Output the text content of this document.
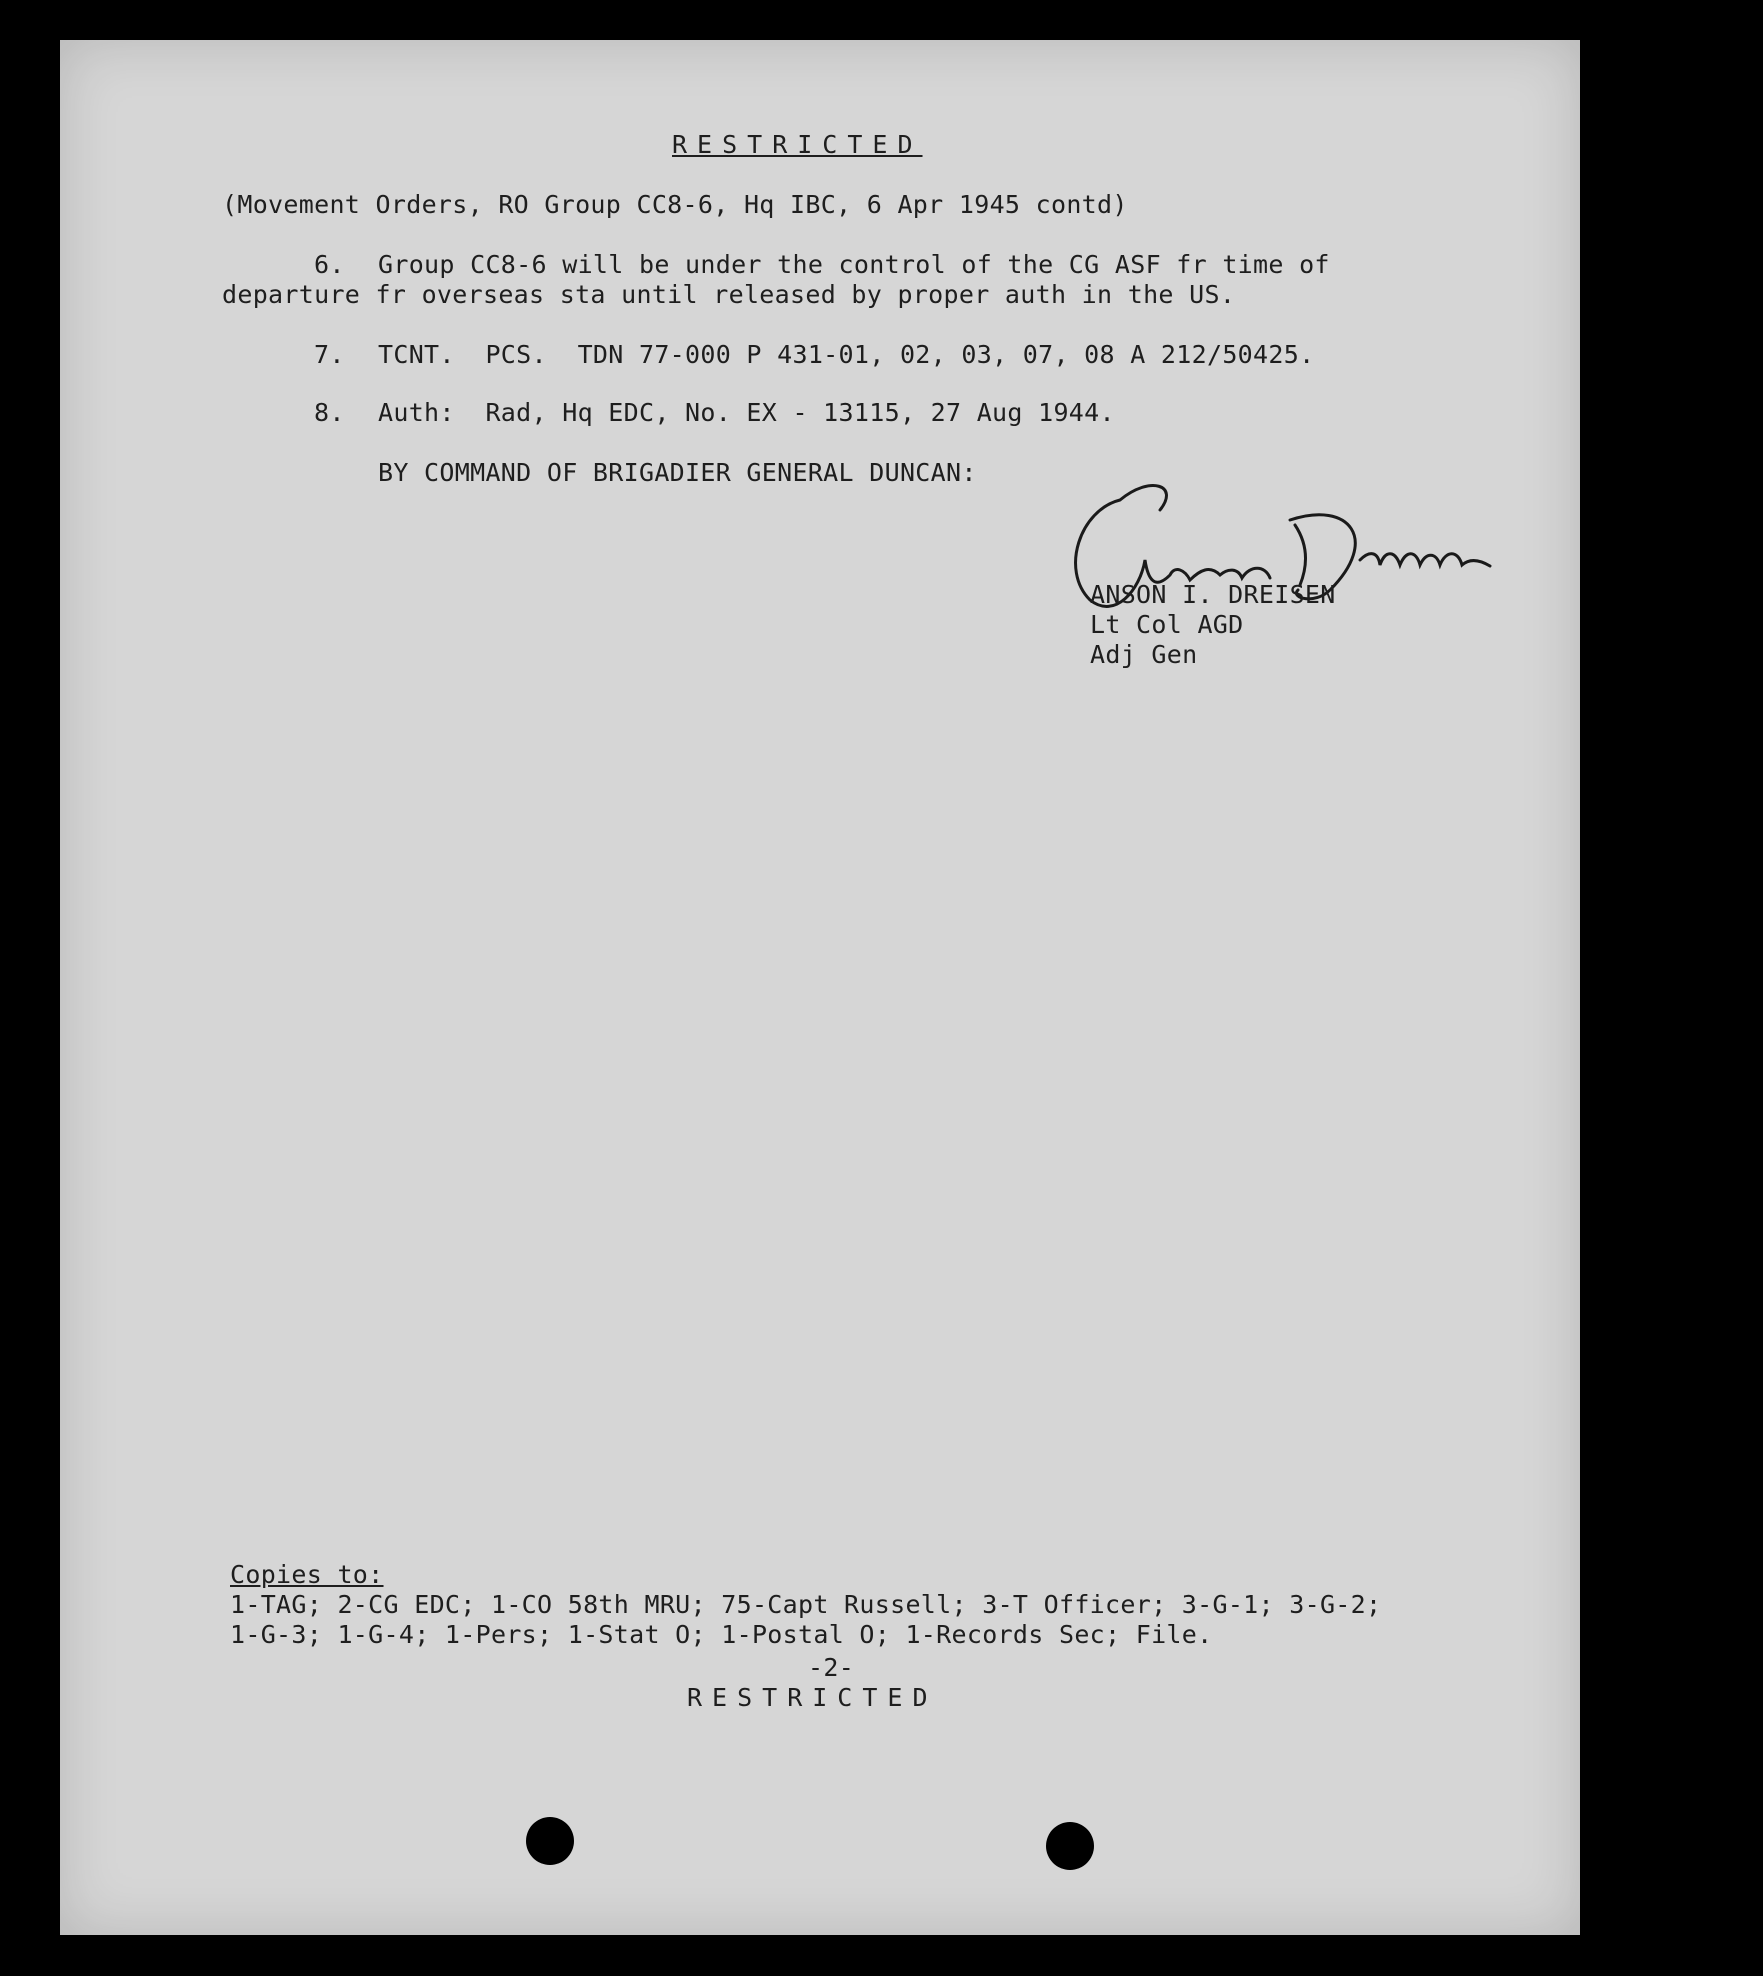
RESTRICTED
(Movement Orders, RO Group CC8-6, Hq IBC, 6 Apr 1945 contd)
6. Group CC8-6 will be under the control of the CG ASF fr time of
departure fr overseas sta until released by proper auth in the US.
7. TCNT.  PCS.  TDN 77-000 P 431-01, 02, 03, 07, 08 A 212/50425.
8. Auth:  Rad, Hq EDC, No. EX - 13115, 27 Aug 1944.
BY COMMAND OF BRIGADIER GENERAL DUNCAN:
ANSON I. DREISEN
Lt Col AGD
Adj Gen
Copies to:
1-TAG; 2-CG EDC; 1-CO 58th MRU; 75-Capt Russell; 3-T Officer; 3-G-1; 3-G-2;
1-G-3; 1-G-4; 1-Pers; 1-Stat O; 1-Postal O; 1-Records Sec; File.
-2-
RESTRICTED
